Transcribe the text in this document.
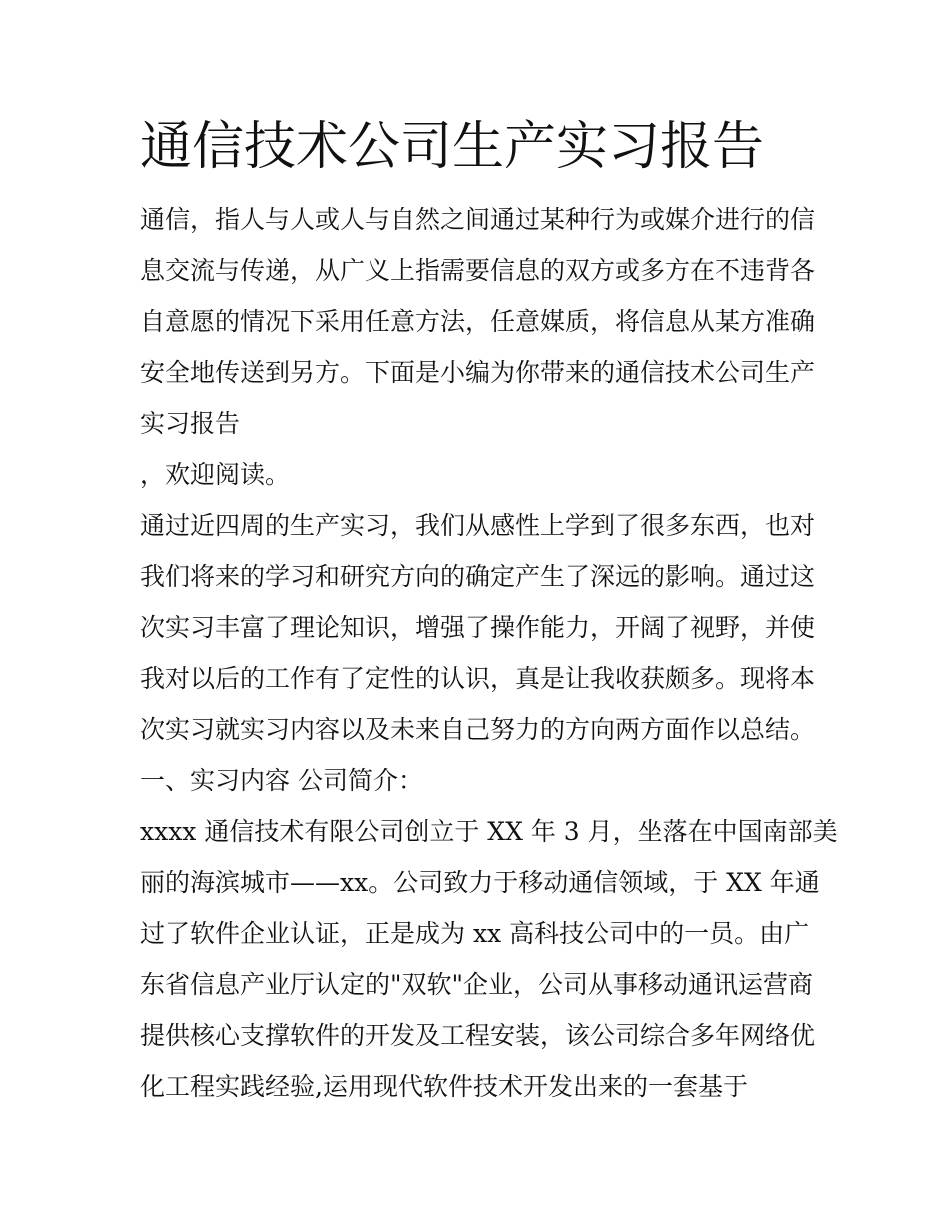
通信技术公司生产实习报告

通信，指人与人或人与自然之间通过某种行为或媒介进行的信

息交流与传递，从广义上指需要信息的双方或多方在不违背各

自意愿的情况下采用任意方法，任意媒质，将信息从某方准确

安全地传送到另方。下面是小编为你带来的通信技术公司生产

实习报告

，欢迎阅读。

通过近四周的生产实习，我们从感性上学到了很多东西，也对

我们将来的学习和研究方向的确定产生了深远的影响。通过这

次实习丰富了理论知识，增强了操作能力，开阔了视野，并使

我对以后的工作有了定性的认识，真是让我收获颇多。现将本

次实习就实习内容以及未来自己努力的方向两方面作以总结。

一、实习内容 公司简介：

xxxx 通信技术有限公司创立于 XX 年 3 月，坐落在中国南部美

丽的海滨城市——xx。公司致力于移动通信领域，于 XX 年通

过了软件企业认证，正是成为 xx 高科技公司中的一员。由广

东省信息产业厅认定的"双软"企业，公司从事移动通讯运营商

提供核心支撑软件的开发及工程安装，该公司综合多年网络优

化工程实践经验,运用现代软件技术开发出来的一套基于
